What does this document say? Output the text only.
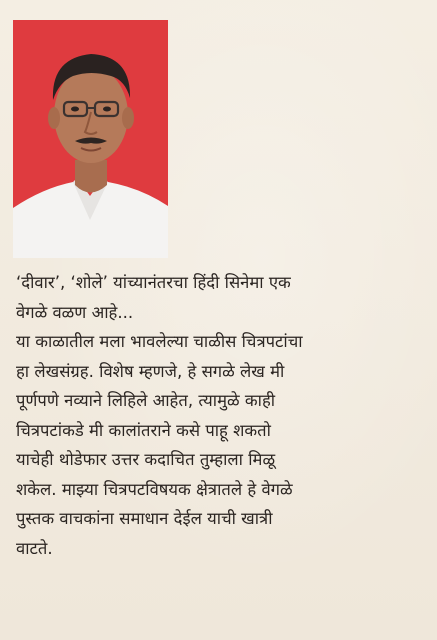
‘दीवार’, ‘शोले’ यांच्यानंतरचा हिंदी सिनेमा एक

वेगळे वळण आहे...

या काळातील मला भावलेल्या चाळीस चित्रपटांचा

हा लेखसंग्रह. विशेष म्हणजे, हे सगळे लेख मी

पूर्णपणे नव्याने लिहिले आहेत, त्यामुळे काही

चित्रपटांकडे मी कालांतराने कसे पाहू शकतो

याचेही थोडेफार उत्तर कदाचित तुम्हाला मिळू

शकेल. माझ्या चित्रपटविषयक क्षेत्रातले हे वेगळे

पुस्तक वाचकांना समाधान देईल याची खात्री

वाटते.
